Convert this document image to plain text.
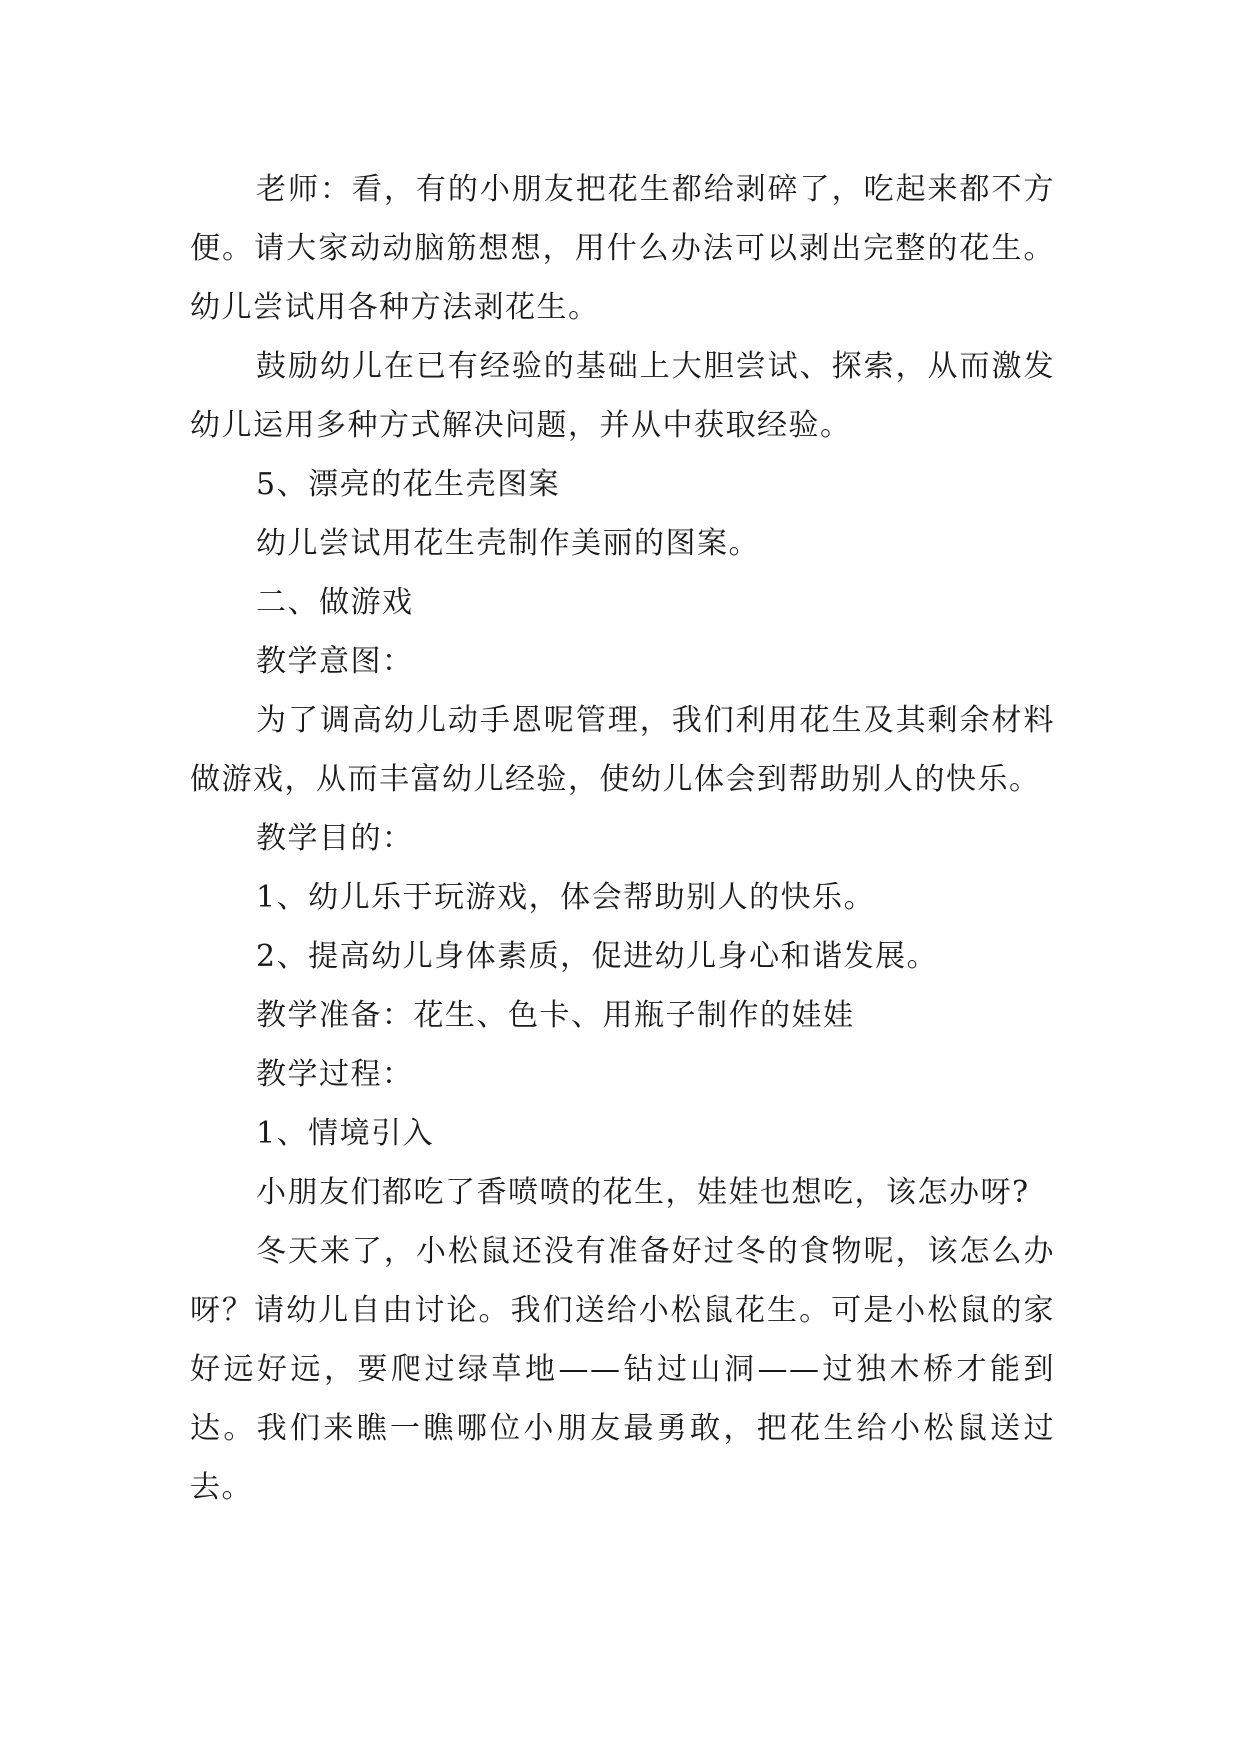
老师：看，有的小朋友把花生都给剥碎了，吃起来都不方便。请大家动动脑筋想想，用什么办法可以剥出完整的花生。幼儿尝试用各种方法剥花生。

鼓励幼儿在已有经验的基础上大胆尝试、探索，从而激发幼儿运用多种方式解决问题，并从中获取经验。

5、漂亮的花生壳图案

幼儿尝试用花生壳制作美丽的图案。

二、做游戏

教学意图：

为了调高幼儿动手恩呢管理，我们利用花生及其剩余材料做游戏，从而丰富幼儿经验，使幼儿体会到帮助别人的快乐。

教学目的：

1、幼儿乐于玩游戏，体会帮助别人的快乐。

2、提高幼儿身体素质，促进幼儿身心和谐发展。

教学准备：花生、色卡、用瓶子制作的娃娃

教学过程：

1、情境引入

小朋友们都吃了香喷喷的花生，娃娃也想吃，该怎办呀?

冬天来了，小松鼠还没有准备好过冬的食物呢，该怎么办呀？请幼儿自由讨论。我们送给小松鼠花生。可是小松鼠的家好远好远，要爬过绿草地——钻过山洞——过独木桥才能到达。我们来瞧一瞧哪位小朋友最勇敢，把花生给小松鼠送过去。
